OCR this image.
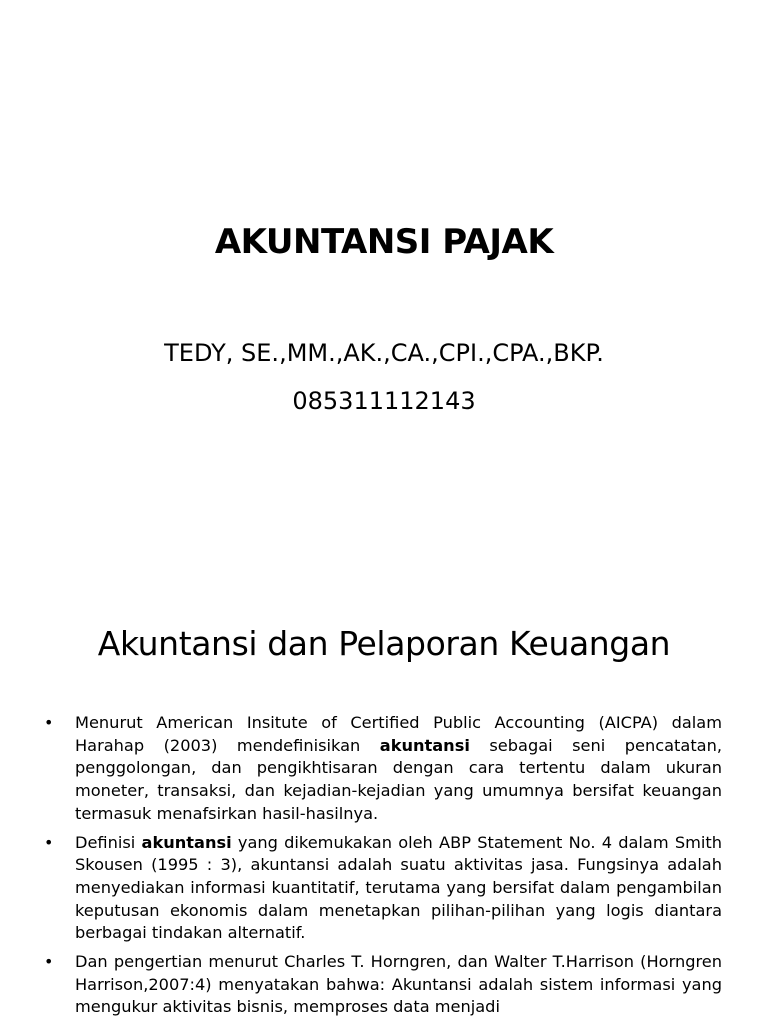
AKUNTANSI PAJAK
TEDY, SE.,MM.,AK.,CA.,CPI.,CPA.,BKP.
085311112143
Akuntansi dan Pelaporan Keuangan
• Menurut American Insitute of Certified Public Accounting (AICPA) dalam Harahap (2003) mendefinisikan akuntansi sebagai seni pencatatan, penggolongan, dan pengikhtisaran dengan cara tertentu dalam ukuran moneter, transaksi, dan kejadian-kejadian yang umumnya bersifat keuangan termasuk menafsirkan hasil-hasilnya.
• Definisi akuntansi yang dikemukakan oleh ABP Statement No. 4 dalam Smith Skousen (1995 : 3), akuntansi adalah suatu aktivitas jasa. Fungsinya adalah menyediakan informasi kuantitatif, terutama yang bersifat dalam pengambilan keputusan ekonomis dalam menetapkan pilihan-pilihan yang logis diantara berbagai tindakan alternatif.
• Dan pengertian menurut Charles T. Horngren, dan Walter T.Harrison (Horngren Harrison,2007:4) menyatakan bahwa: Akuntansi adalah sistem informasi yang mengukur aktivitas bisnis, memproses data menjadi
